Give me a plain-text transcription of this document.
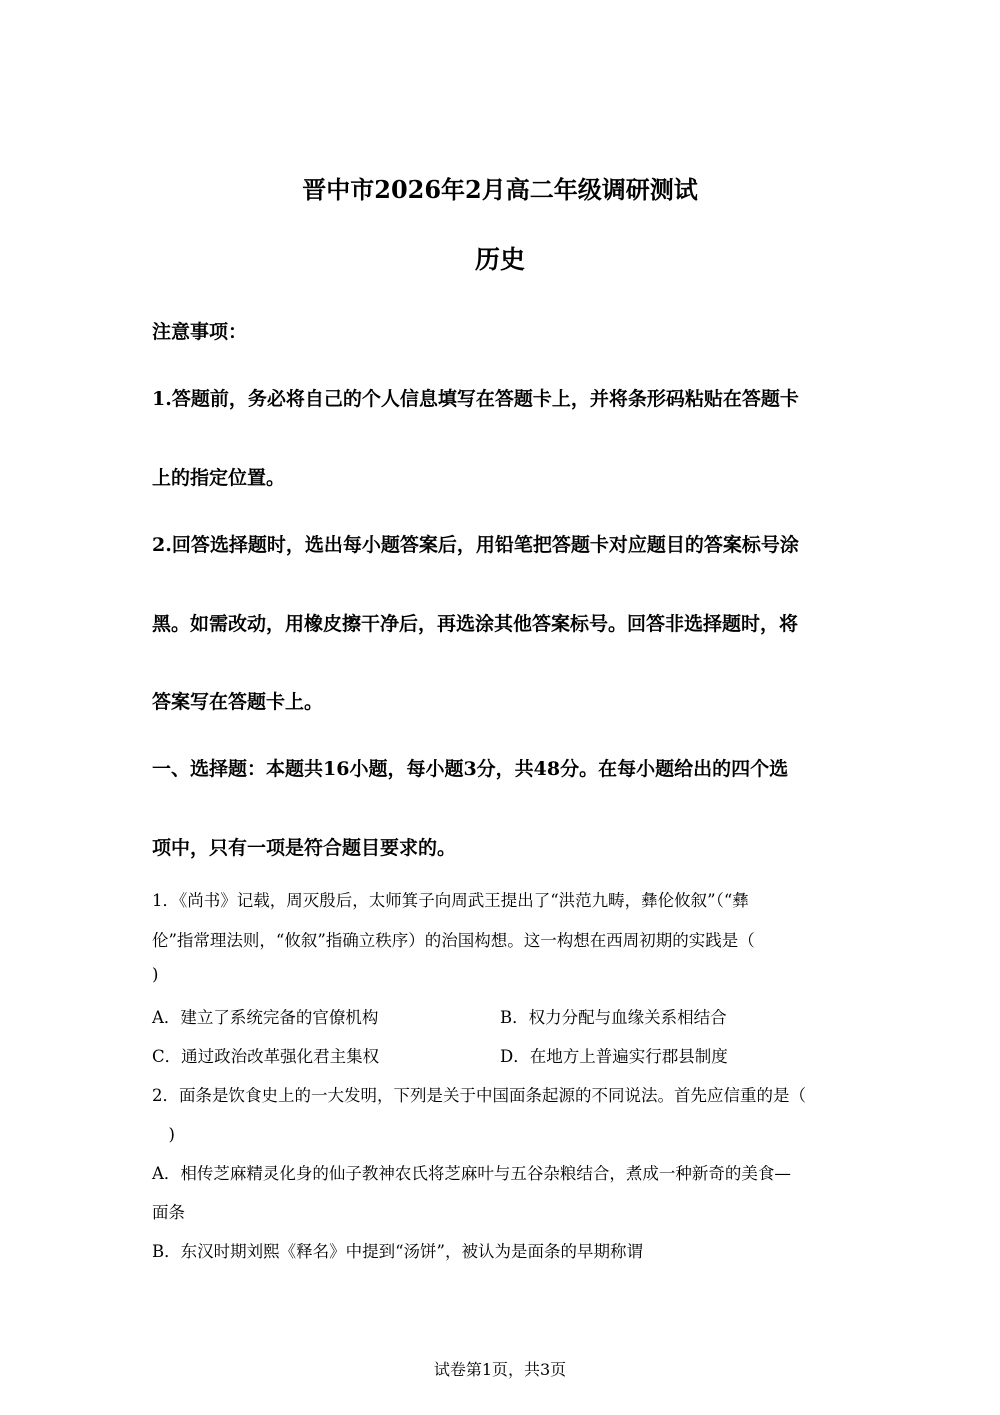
晋中市2026年2月高二年级调研测试
历史
注意事项：
1.答题前，务必将自己的个人信息填写在答题卡上，并将条形码粘贴在答题卡
上的指定位置。
2.回答选择题时，选出每小题答案后，用铅笔把答题卡对应题目的答案标号涂
黑。如需改动，用橡皮擦干净后，再选涂其他答案标号。回答非选择题时，将
答案写在答题卡上。
一、选择题：本题共16小题，每小题3分，共48分。在每小题给出的四个选
项中，只有一项是符合题目要求的。
1．《尚书》记载，周灭殷后，太师箕子向周武王提出了“洪范九畴，彝伦攸叙”（“彝
伦”指常理法则，“攸叙”指确立秩序）的治国构想。这一构想在西周初期的实践是（
)
A．建立了系统完备的官僚机构	B．权力分配与血缘关系相结合
C．通过政治改革强化君主集权	D．在地方上普遍实行郡县制度
2．面条是饮食史上的一大发明，下列是关于中国面条起源的不同说法。首先应信重的是（
　)
A．相传芝麻精灵化身的仙子教神农氏将芝麻叶与五谷杂粮结合，煮成一种新奇的美食—
面条
B．东汉时期刘熙《释名》中提到“汤饼”，被认为是面条的早期称谓
试卷第1页，共3页
